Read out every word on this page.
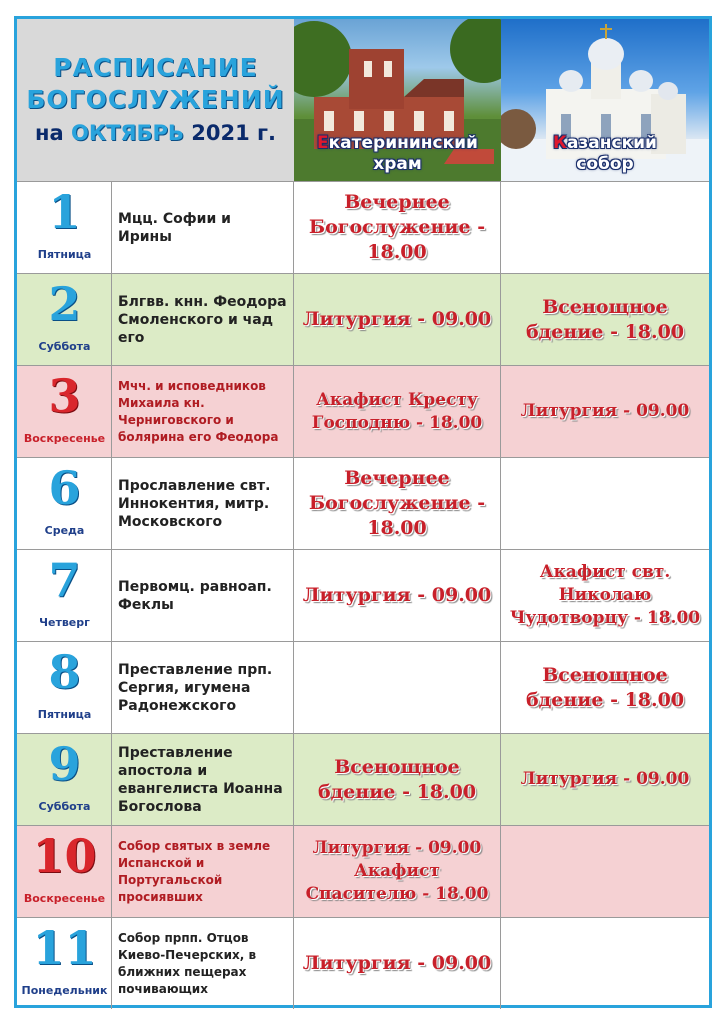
РАСПИСАНИЕ
БОГОСЛУЖЕНИЙ
на ОКТЯБРЬ 2021 г.	Екатерининский
храм
Казанский
собор
1
Пятница
Мцц. Софии и Ирины
Вечернее Богослужение - 18.00
2
Суббота
Блгвв. кнн. Феодора Смоленского и чад его
Литургия - 09.00
Всенощное бдение - 18.00
3
Воскресенье
Мчч. и исповедников Михаила кн. Черниговского и болярина его Феодора
Акафист Кресту Господню - 18.00
Литургия - 09.00
6
Среда
Прославление свт. Иннокентия, митр. Московского
Вечернее Богослужение - 18.00
7
Четверг
Первомц. равноап. Феклы	Литургия - 09.00
Акафист свт. Николаю Чудотворцу - 18.00
8
Пятница
Преставление прп. Сергия, игумена Радонежского
Всенощное бдение - 18.00
9
Суббота
Преставление апостола и евангелиста Иоанна Богослова
Всенощное бдение - 18.00
Литургия - 09.00
10
Воскресенье
Собор святых в земле Испанской и Португальской просиявших
Литургия - 09.00 Акафист Спасителю - 18.00
11
Понедельник
Собор прпп. Отцов Киево-Печерских, в ближних пещерах почивающих
Литургия - 09.00
